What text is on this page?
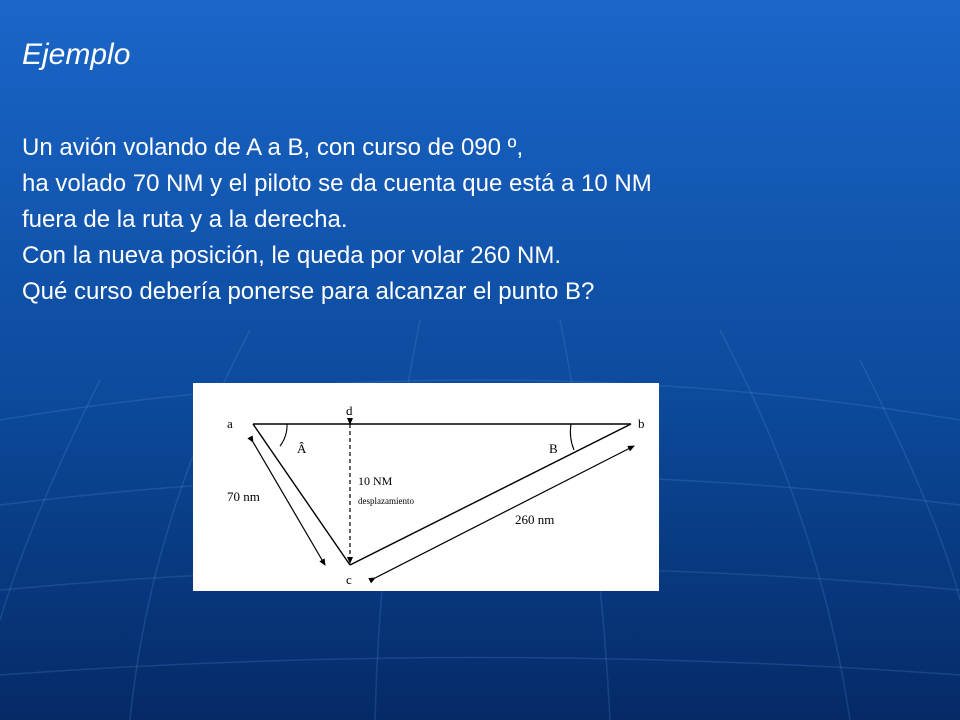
Ejemplo
Un avión volando de A a B, con curso de 090 º,
ha volado 70 NM y el piloto se da cuenta que está a 10 NM
fuera de la ruta y a la derecha.
Con la nueva posición, le queda por volar 260 NM.
Qué curso debería ponerse para alcanzar el punto B?
a	b
c
d
Â	B
70 nm
260 nm
10 NM
desplazamiento
